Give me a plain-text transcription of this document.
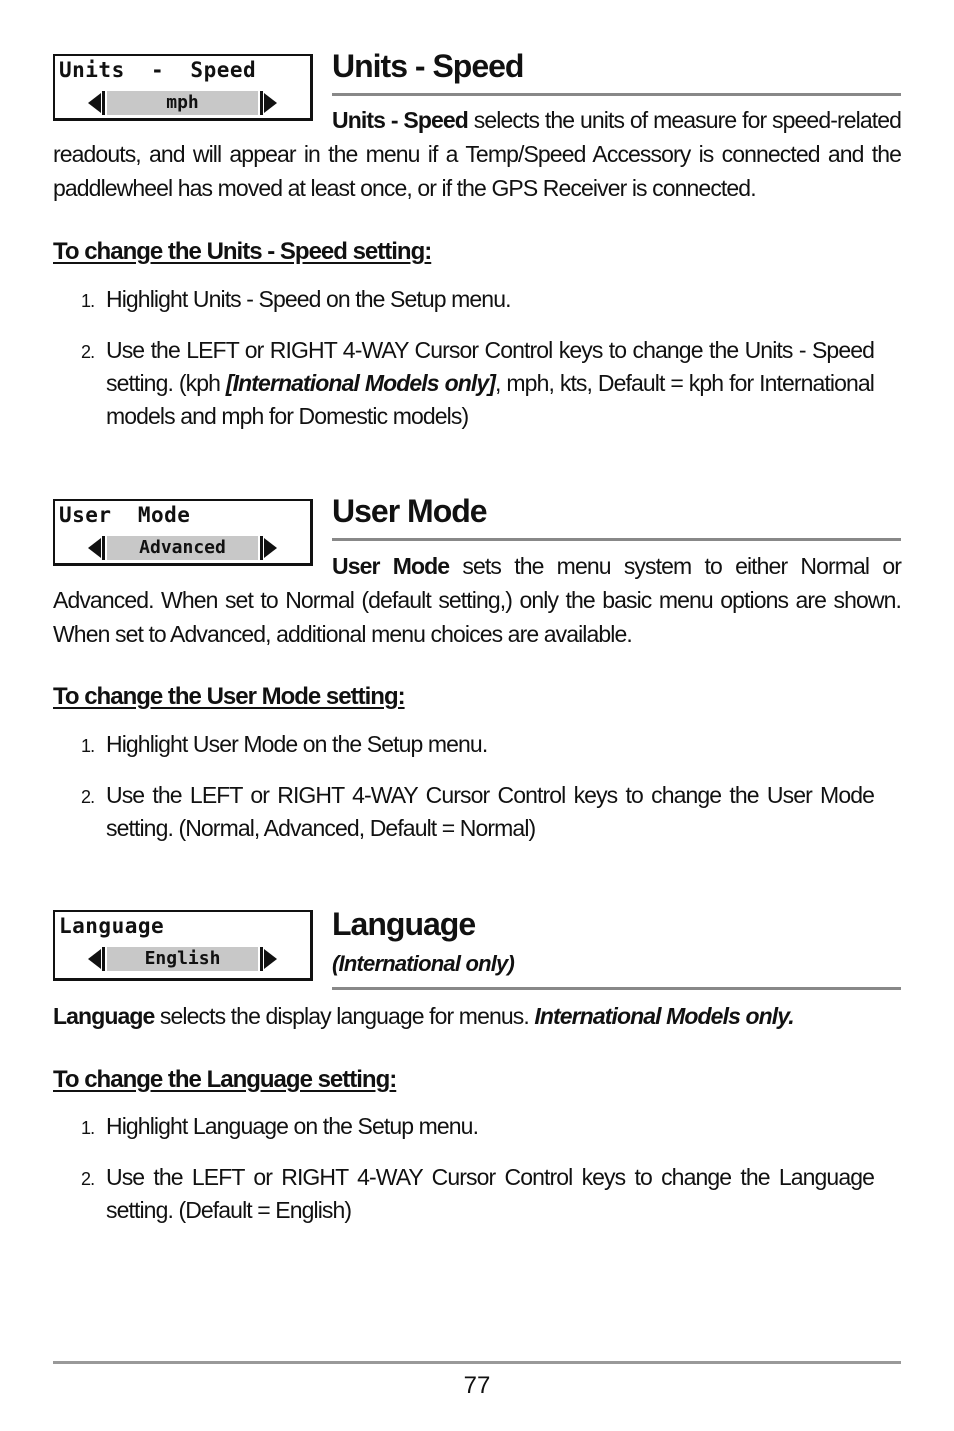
Units  -  Speed
mph
Units - Speed
Units - Speed selects the units of measure for speed-related readouts, and will appear in the menu if a Temp/Speed Accessory is connected and the paddlewheel has moved at least once, or if the GPS Receiver is connected.
To change the Units - Speed setting:
1. Highlight Units - Speed on the Setup menu.
2. Use the LEFT or RIGHT 4-WAY Cursor Control keys to change the Units - Speed setting. (kph [International Models only], mph, kts, Default = kph for International models and mph for Domestic models)
User  Mode
Advanced
User Mode
User Mode sets the menu system to either Normal or Advanced. When set to Normal (default setting,) only the basic menu options are shown. When set to Advanced, additional menu choices are available.
To change the User Mode setting:
1. Highlight User Mode on the Setup menu.
2. Use the LEFT or RIGHT 4-WAY Cursor Control keys to change the User Mode setting. (Normal, Advanced, Default = Normal)
Language
English
Language
(International only)
Language selects the display language for menus. International Models only.
To change the Language setting:
1. Highlight Language on the Setup menu.
2. Use the LEFT or RIGHT 4-WAY Cursor Control keys to change the Language setting. (Default = English)
77
